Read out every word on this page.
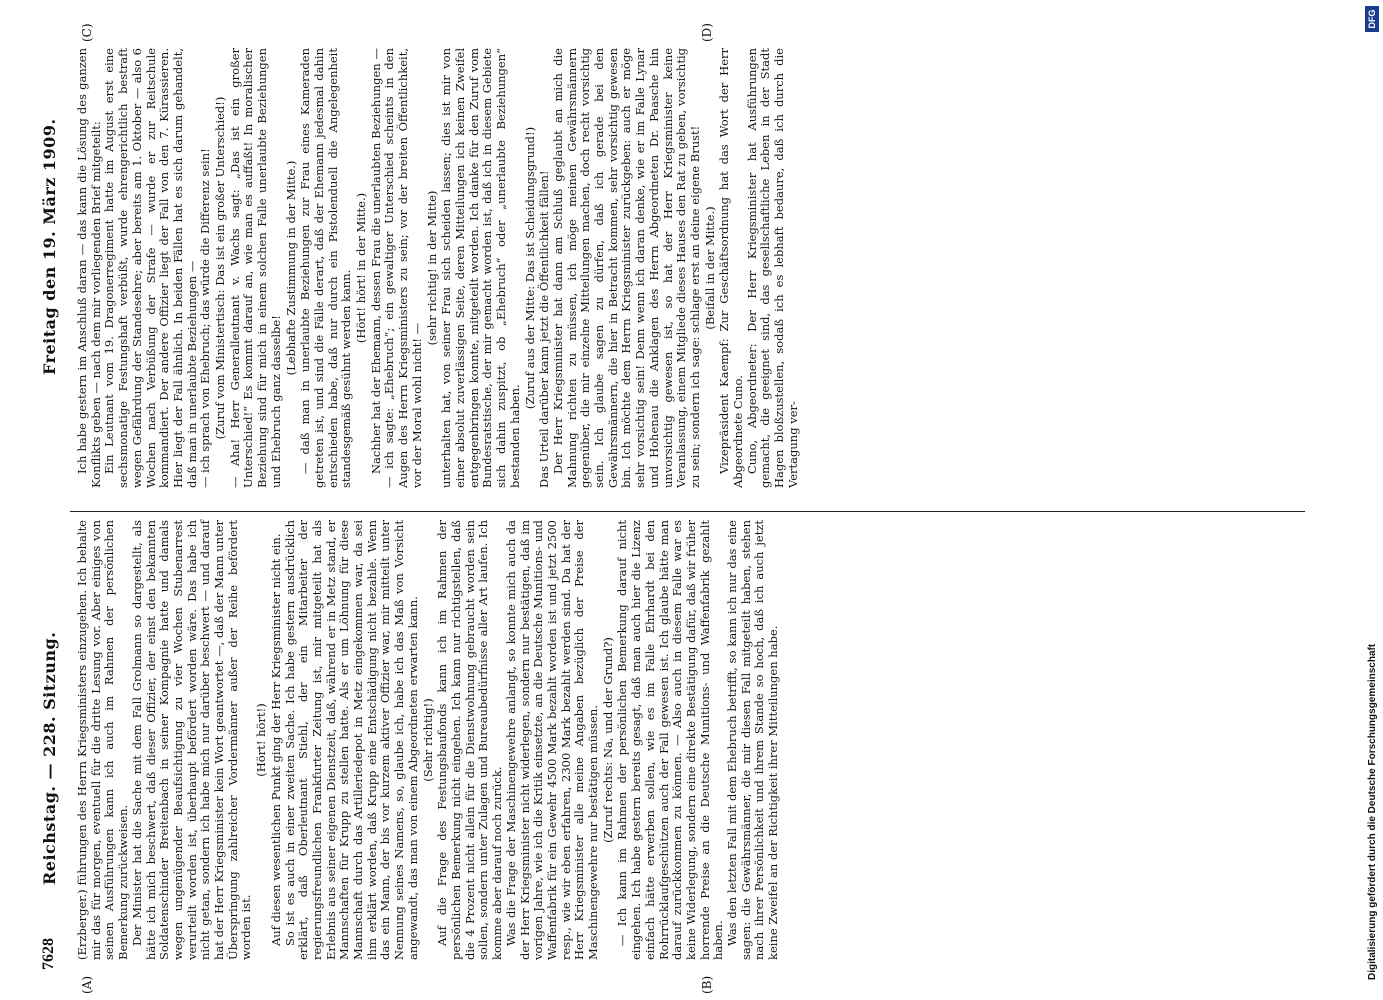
7628
Reichstag. — 228. Sitzung.
Freitag den 19. März 1909.
(A)	(B)
(C)	(D)

(Erzberger.) führungen des Herrn Kriegsministers einzugehen. Ich behalte mir das für morgen, eventuell für die dritte Lesung vor. Aber einiges von seinen Ausführungen kann ich auch im Rahmen der persönlichen Bemerkung zurückweisen. Der Minister hat die Sache mit dem Fall Grolmann so dargestellt, als hätte ich mich beschwert, daß dieser Offizier, der einst den bekannten Soldatenschinder Breitenbach in seiner Kompagnie hatte und damals wegen ungenügender Beaufsichtigung zu vier Wochen Stubenarrest verurteilt worden ist, überhaupt befördert worden wäre. Das habe ich nicht getan, sondern ich habe mich nur darüber beschwert — und darauf hat der Herr Kriegsminister kein Wort geantwortet —, daß der Mann unter Überspringung zahlreicher Vordermänner außer der Reihe befördert worden ist.

(Hört! hört!) Auf diesen wesentlichen Punkt ging der Herr Kriegsminister nicht ein. So ist es auch in einer zweiten Sache. Ich habe gestern ausdrücklich erklärt, daß Oberleutnant Stiehl, der ein Mitarbeiter der regierungsfreundlichen Frankfurter Zeitung ist, mir mitgeteilt hat als Erlebnis aus seiner eigenen Dienstzeit, daß, während er in Metz stand, er Mannschaften für Krupp zu stellen hatte. Als er um Löhnung für diese Mannschaft durch das Artilleriedepot in Metz eingekommen war, da sei ihm erklärt worden, daß Krupp eine Entschädigung nicht bezahle. Wenn das ein Mann, der bis vor kurzem aktiver Offizier war, mir mitteilt unter Nennung seines Namens, so, glaube ich, habe ich das Maß von Vorsicht angewandt, das man von einem Abgeordneten erwarten kann. (Sehr richtig!) Auf die Frage des Festungsbaufonds kann ich im Rahmen der persönlichen Bemerkung nicht eingehen. Ich kann nur richtigstellen, daß die 4 Prozent nicht allein für die Dienstwohnung gebraucht worden sein sollen, sondern unter Zulagen und Bureaubedürfnisse aller Art laufen. Ich komme aber darauf noch zurück. Was die Frage der Maschinengewehre anlangt, so konnte mich auch da der Herr Kriegsminister nicht widerlegen, sondern nur bestätigen, daß im vorigen Jahre, wie ich die Kritik einsetzte, an die Deutsche Munitions- und Waffenfabrik für ein Gewehr 4500 Mark bezahlt worden ist und jetzt 2500 resp., wie wir eben erfahren, 2300 Mark bezahlt werden sind. Da hat der Herr Kriegsminister alle meine Angaben bezüglich der Preise der Maschinengewehre nur bestätigen müssen. (Zuruf rechts: Na, und der Grund?) — Ich kann im Rahmen der persönlichen Bemerkung darauf nicht eingehen. Ich habe gestern bereits gesagt, daß man auch hier die Lizenz einfach hätte erwerben sollen, wie es im Falle Ehrhardt bei den Rohrrücklaufgeschützen auch der Fall gewesen ist. Ich glaube hätte man darauf zurückkommen zu können. — Also auch in diesem Falle war es keine Widerlegung, sondern eine direkte Bestätigung dafür, daß wir früher horrende Preise an die Deutsche Munitions- und Waffenfabrik gezahlt haben. Was den letzten Fall mit dem Ehebruch betrifft, so kann ich nur das eine sagen: die Gewährsmänner, die mir diesen Fall mitgeteilt haben, stehen nach ihrer Persönlichkeit und ihrem Stande so hoch, daß ich auch jetzt keine Zweifel an der Richtigkeit ihrer Mitteilungen habe.

Ich habe gestern im Anschluß daran — das kann die Lösung des ganzen Konflikts geben — nach dem mir vorliegenden Brief mitgeteilt: Ein Leutnant vom 19. Dragonerregiment hatte im August erst eine sechsmonatige Festungshaft verbüßt, wurde ehrengerichtlich bestraft wegen Gefährdung der Standesehre; aber bereits am 1. Oktober — also 6 Wochen nach Verbüßung der Strafe — wurde er zur Reitschule kommandiert. Der andere Offizier liegt der Fall von den 7. Kürassieren. Hier liegt der Fall ähnlich. In beiden Fällen hat es sich darum gehandelt, daß man in unerlaubte Beziehungen — — ich sprach von Ehebruch; das würde die Differenz sein! (Zuruf vom Ministertisch: Das ist ein großer Unterschied!) — Aha! Herr Generalleutnant v. Wachs sagt: „Das ist ein großer Unterschied!“ Es kommt darauf an, wie man es auffaßt! In moralischer Beziehung sind für mich in einem solchen Falle unerlaubte Beziehungen und Ehebruch ganz dasselbe!

(Lebhafte Zustimmung in der Mitte.) — daß man in unerlaubte Beziehungen zur Frau eines Kameraden getreten ist, und sind die Fälle derart, daß der Ehemann jedesmal dahin entschieden habe, daß nur durch ein Pistolenduell die Angelegenheit standesgemäß gesühnt werden kann.

(Hört! hört! in der Mitte.) Nachher hat der Ehemann, dessen Frau die unerlaubten Beziehungen — — ich sagte: „Ehebruch“; ein gewaltiger Unterschied scheints in den Augen des Herrn Kriegsministers zu sein; vor der breiten Öffentlichkeit, vor der Moral wohl nicht! —

(sehr richtig! in der Mitte) unterhalten hat, von seiner Frau sich scheiden lassen; dies ist mir von einer absolut zuverlässigen Seite, deren Mitteilungen ich keinen Zweifel entgegenbringen konnte, mitgeteilt worden. Ich danke für den Zuruf vom Bundesratstische, der mir gemacht worden ist, daß ich in diesem Gebiete sich dahin zuspitzt, ob „Ehebruch“ oder „unerlaubte Beziehungen“ bestanden haben.

(Zuruf aus der Mitte: Das ist Scheidungsgrund!) Das Urteil darüber kann jetzt die Öffentlichkeit fällen! Der Herr Kriegsminister hat dann am Schluß geglaubt an mich die Mahnung richten zu müssen, ich möge meinen Gewährsmännern gegenüber, die mir einzelne Mitteilungen machen, doch recht vorsichtig sein. Ich glaube sagen zu dürfen, daß ich gerade bei den Gewährsmännern, die hier in Betracht kommen, sehr vorsichtig gewesen bin. Ich möchte dem Herrn Kriegsminister zurückgeben: auch er möge sehr vorsichtig sein! Denn wenn ich daran denke, wie er im Falle Lynar und Hohenau die Anklagen des Herrn Abgeordneten Dr. Paasche hin unvorsichtig gewesen ist, so hat der Herr Kriegsminister keine Veranlassung, einem Mitgliede dieses Hauses den Rat zu geben, vorsichtig zu sein; sondern ich sage: schlage erst an deine eigene Brust! (Beifall in der Mitte.) Vizepräsident Kaempf: Zur Geschäftsordnung hat das Wort der Herr Abgeordnete Cuno. Cuno, Abgeordneter: Der Herr Kriegsminister hat Ausführungen gemacht, die geeignet sind, das gesellschaftliche Leben in der Stadt Hagen bloßzustellen, sodaß ich es lebhaft bedaure, daß ich durch die Vertagung ver-

Digitalisierung gefördert durch die Deutsche Forschungsgemeinschaft
DFG
